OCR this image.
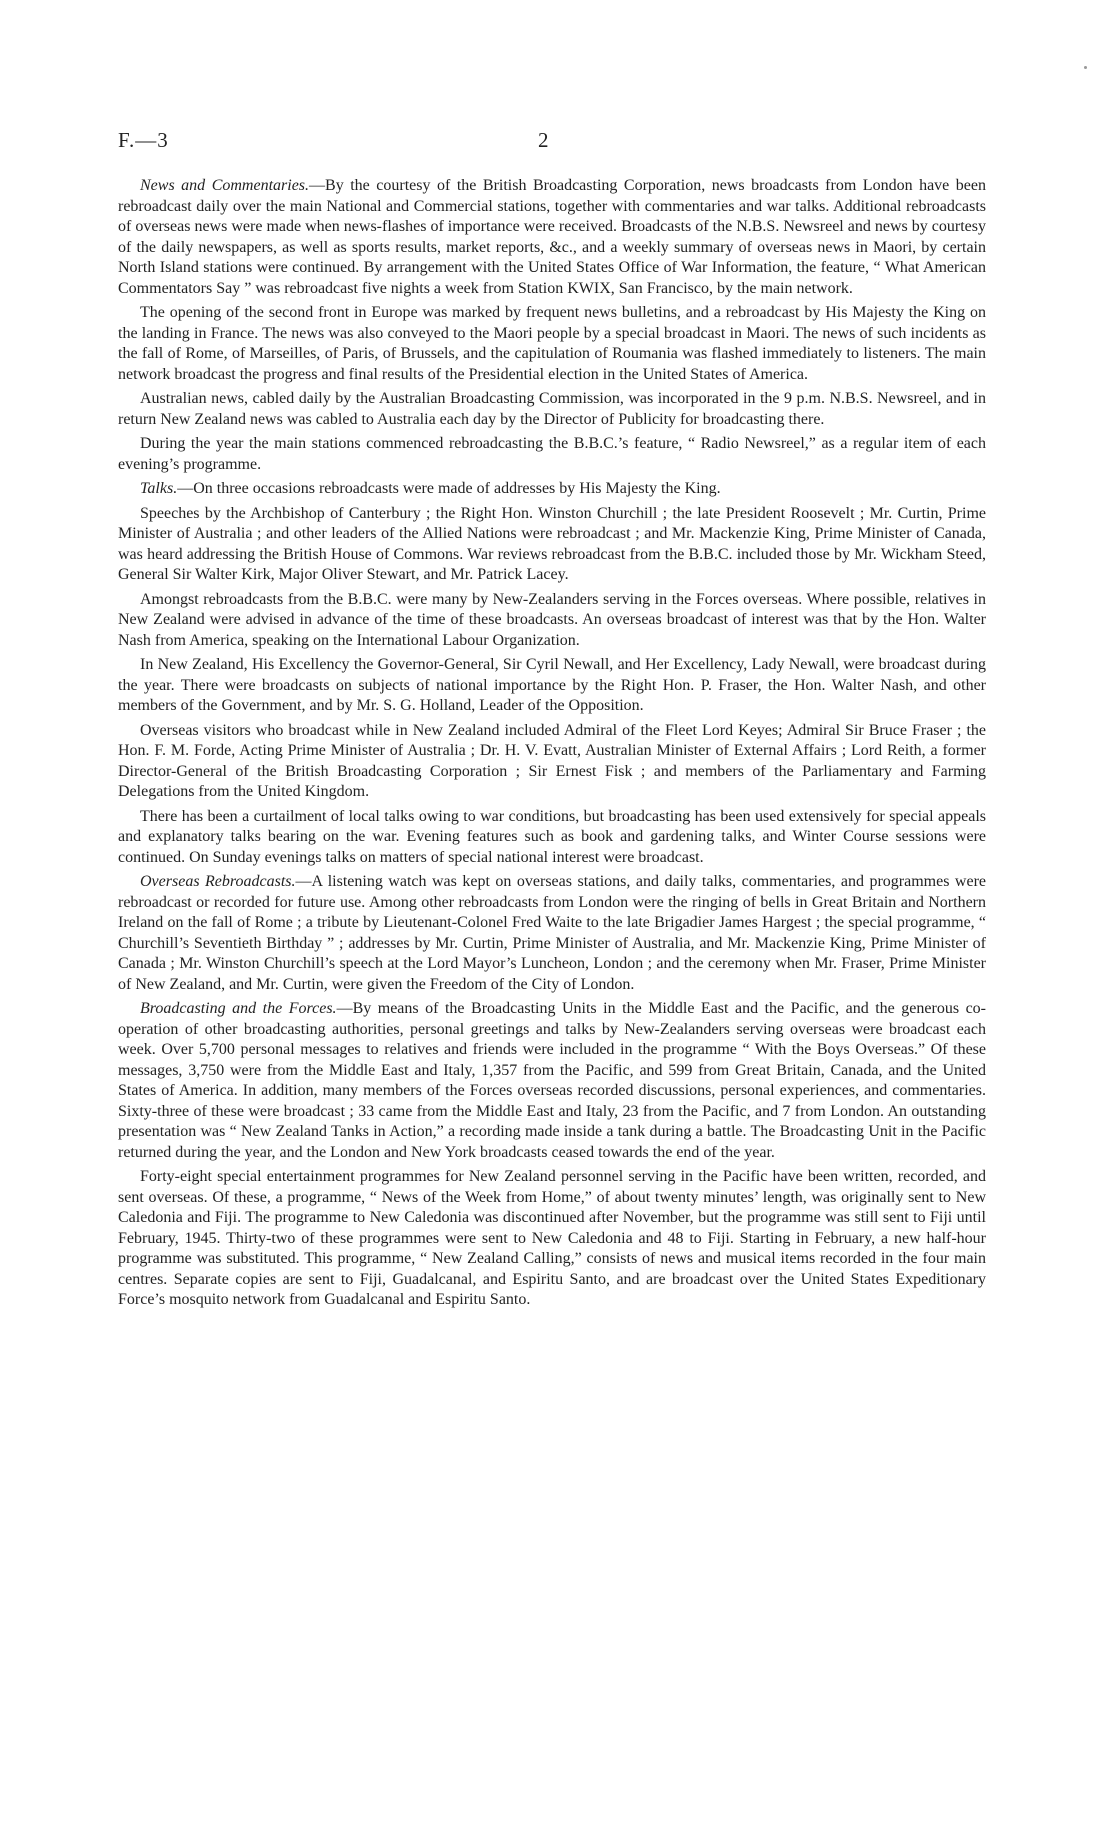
F.—3	2

News and Commentaries.—By the courtesy of the British Broadcasting Corporation, news broadcasts from London have been rebroadcast daily over the main National and Commercial stations, together with commentaries and war talks. Additional rebroadcasts of overseas news were made when news-flashes of importance were received. Broadcasts of the N.B.S. Newsreel and news by courtesy of the daily newspapers, as well as sports results, market reports, &c., and a weekly summary of overseas news in Maori, by certain North Island stations were continued. By arrangement with the United States Office of War Information, the feature, “ What American Commentators Say ” was rebroadcast five nights a week from Station KWIX, San Francisco, by the main network.

The opening of the second front in Europe was marked by frequent news bulletins, and a rebroadcast by His Majesty the King on the landing in France. The news was also conveyed to the Maori people by a special broadcast in Maori. The news of such incidents as the fall of Rome, of Marseilles, of Paris, of Brussels, and the capitulation of Roumania was flashed immediately to listeners. The main network broadcast the progress and final results of the Presidential election in the United States of America.

Australian news, cabled daily by the Australian Broadcasting Commission, was incorporated in the 9 p.m. N.B.S. Newsreel, and in return New Zealand news was cabled to Australia each day by the Director of Publicity for broadcasting there.

During the year the main stations commenced rebroadcasting the B.B.C.’s feature, “ Radio Newsreel,” as a regular item of each evening’s programme.

Talks.—On three occasions rebroadcasts were made of addresses by His Majesty the King.

Speeches by the Archbishop of Canterbury ; the Right Hon. Winston Churchill ; the late President Roosevelt ; Mr. Curtin, Prime Minister of Australia ; and other leaders of the Allied Nations were rebroadcast ; and Mr. Mackenzie King, Prime Minister of Canada, was heard addressing the British House of Commons. War reviews rebroadcast from the B.B.C. included those by Mr. Wickham Steed, General Sir Walter Kirk, Major Oliver Stewart, and Mr. Patrick Lacey.

Amongst rebroadcasts from the B.B.C. were many by New-Zealanders serving in the Forces overseas. Where possible, relatives in New Zealand were advised in advance of the time of these broadcasts. An overseas broadcast of interest was that by the Hon. Walter Nash from America, speaking on the International Labour Organization.

In New Zealand, His Excellency the Governor-General, Sir Cyril Newall, and Her Excellency, Lady Newall, were broadcast during the year. There were broadcasts on subjects of national importance by the Right Hon. P. Fraser, the Hon. Walter Nash, and other members of the Government, and by Mr. S. G. Holland, Leader of the Opposition.

Overseas visitors who broadcast while in New Zealand included Admiral of the Fleet Lord Keyes; Admiral Sir Bruce Fraser ; the Hon. F. M. Forde, Acting Prime Minister of Australia ; Dr. H. V. Evatt, Australian Minister of External Affairs ; Lord Reith, a former Director-General of the British Broadcasting Corporation ; Sir Ernest Fisk ; and members of the Parliamentary and Farming Delegations from the United Kingdom.

There has been a curtailment of local talks owing to war conditions, but broadcasting has been used extensively for special appeals and explanatory talks bearing on the war. Evening features such as book and gardening talks, and Winter Course sessions were continued. On Sunday evenings talks on matters of special national interest were broadcast.

Overseas Rebroadcasts.—A listening watch was kept on overseas stations, and daily talks, commentaries, and programmes were rebroadcast or recorded for future use. Among other rebroadcasts from London were the ringing of bells in Great Britain and Northern Ireland on the fall of Rome ; a tribute by Lieutenant-Colonel Fred Waite to the late Brigadier James Hargest ; the special programme, “ Churchill’s Seventieth Birthday ” ; addresses by Mr. Curtin, Prime Minister of Australia, and Mr. Mackenzie King, Prime Minister of Canada ; Mr. Winston Churchill’s speech at the Lord Mayor’s Luncheon, London ; and the ceremony when Mr. Fraser, Prime Minister of New Zealand, and Mr. Curtin, were given the Freedom of the City of London.

Broadcasting and the Forces.—By means of the Broadcasting Units in the Middle East and the Pacific, and the generous co-operation of other broadcasting authorities, personal greetings and talks by New-Zealanders serving overseas were broadcast each week. Over 5,700 personal messages to relatives and friends were included in the programme “ With the Boys Overseas.” Of these messages, 3,750 were from the Middle East and Italy, 1,357 from the Pacific, and 599 from Great Britain, Canada, and the United States of America. In addition, many members of the Forces overseas recorded discussions, personal experiences, and commentaries. Sixty-three of these were broadcast ; 33 came from the Middle East and Italy, 23 from the Pacific, and 7 from London. An outstanding presentation was “ New Zealand Tanks in Action,” a recording made inside a tank during a battle. The Broadcasting Unit in the Pacific returned during the year, and the London and New York broadcasts ceased towards the end of the year.

Forty-eight special entertainment programmes for New Zealand personnel serving in the Pacific have been written, recorded, and sent overseas. Of these, a programme, “ News of the Week from Home,” of about twenty minutes’ length, was originally sent to New Caledonia and Fiji. The programme to New Caledonia was discontinued after November, but the programme was still sent to Fiji until February, 1945. Thirty-two of these programmes were sent to New Caledonia and 48 to Fiji. Starting in February, a new half-hour programme was substituted. This programme, “ New Zealand Calling,” consists of news and musical items recorded in the four main centres. Separate copies are sent to Fiji, Guadalcanal, and Espiritu Santo, and are broadcast over the United States Expeditionary Force’s mosquito network from Guadalcanal and Espiritu Santo.
